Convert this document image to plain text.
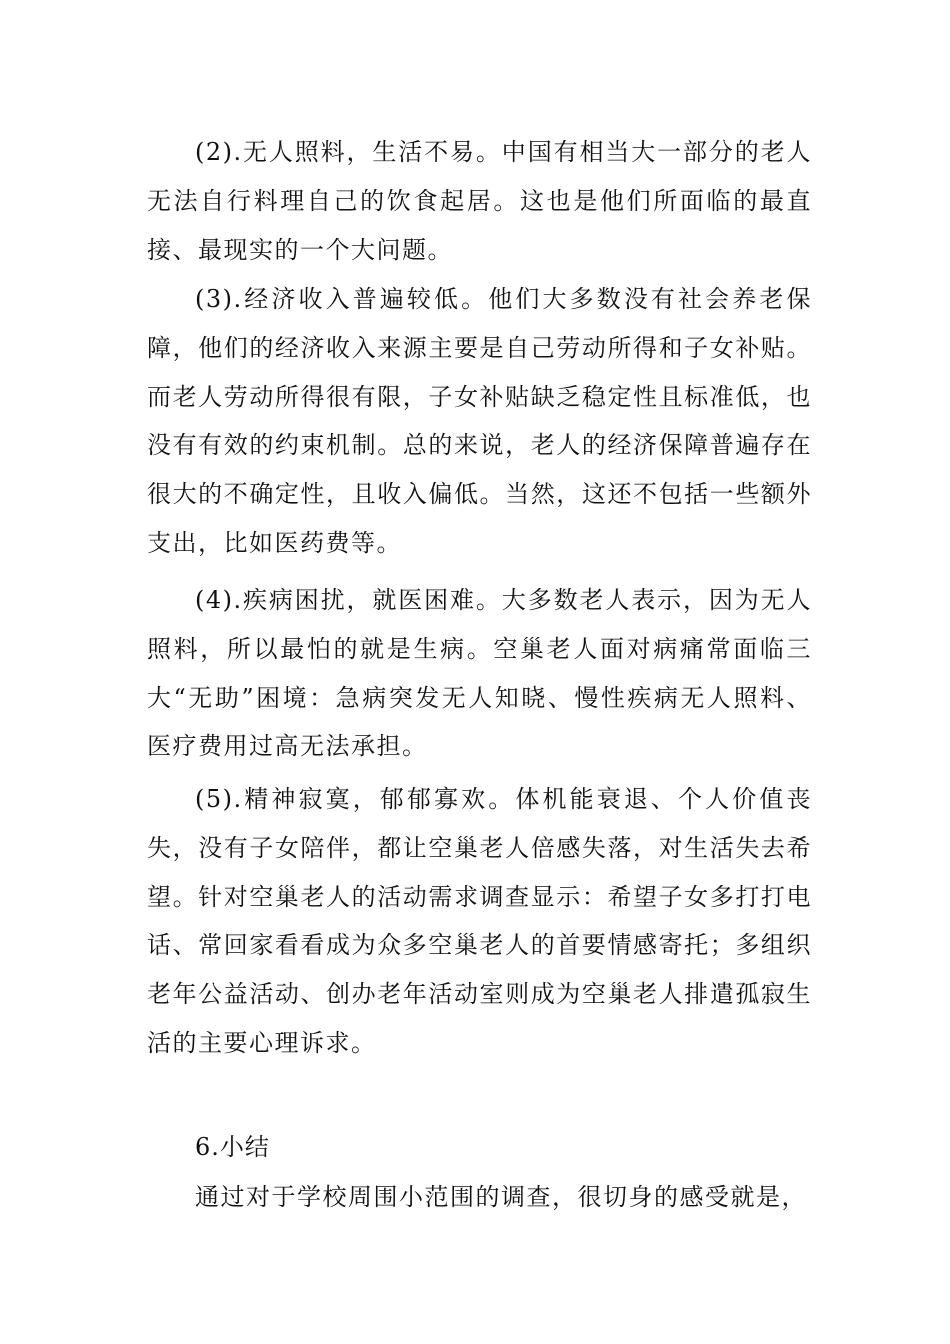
(2).无人照料，生活不易。中国有相当大一部分的老人无法自行料理自己的饮食起居。这也是他们所面临的最直接、最现实的一个大问题。

(3).经济收入普遍较低。他们大多数没有社会养老保障，他们的经济收入来源主要是自己劳动所得和子女补贴。而老人劳动所得很有限，子女补贴缺乏稳定性且标准低，也没有有效的约束机制。总的来说，老人的经济保障普遍存在很大的不确定性，且收入偏低。当然，这还不包括一些额外支出，比如医药费等。

(4).疾病困扰，就医困难。大多数老人表示，因为无人照料，所以最怕的就是生病。空巢老人面对病痛常面临三大“无助”困境：急病突发无人知晓、慢性疾病无人照料、医疗费用过高无法承担。

(5).精神寂寞，郁郁寡欢。体机能衰退、个人价值丧失，没有子女陪伴，都让空巢老人倍感失落，对生活失去希望。针对空巢老人的活动需求调查显示：希望子女多打打电话、常回家看看成为众多空巢老人的首要情感寄托；多组织老年公益活动、创办老年活动室则成为空巢老人排遣孤寂生活的主要心理诉求。

6.小结

通过对于学校周围小范围的调查，很切身的感受就是，
